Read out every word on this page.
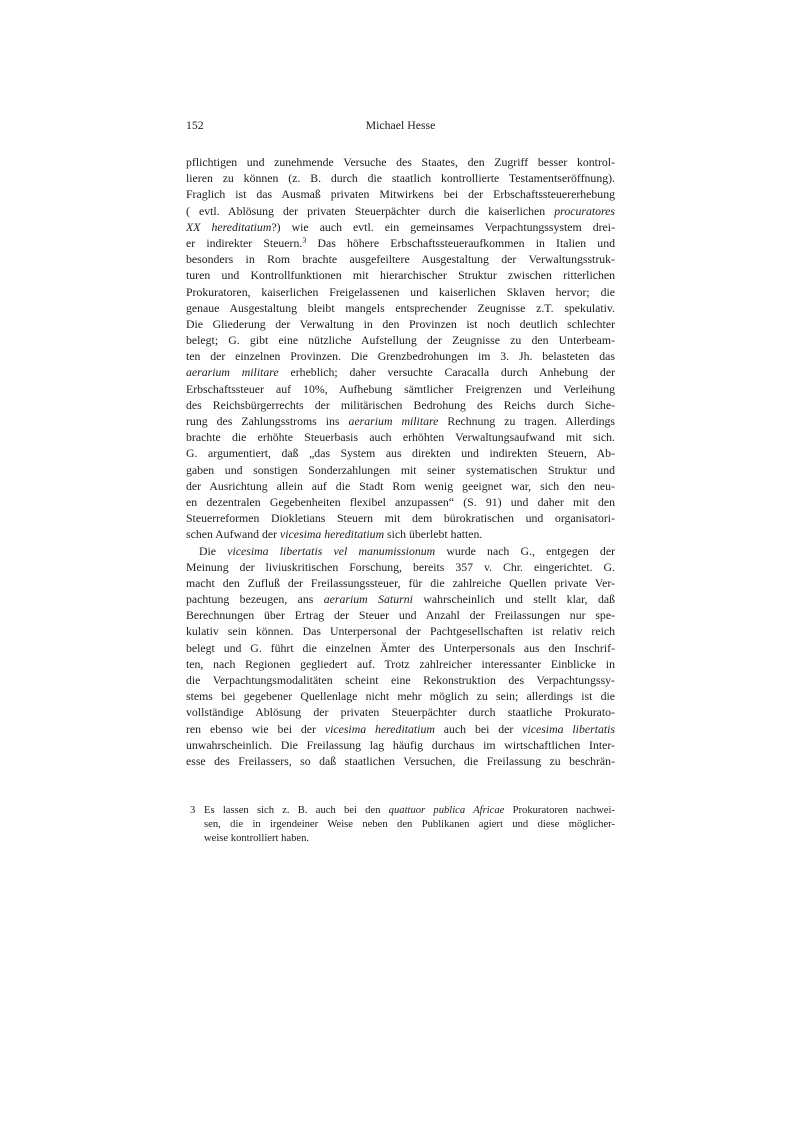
152	Michael Hesse
pflichtigen und zunehmende Versuche des Staates, den Zugriff besser kontrol-
lieren zu können (z. B. durch die staatlich kontrollierte Testamentseröffnung).
Fraglich ist das Ausmaß privaten Mitwirkens bei der Erbschaftssteuererhebung
( evtl. Ablösung der privaten Steuerpächter durch die kaiserlichen procuratores
XX hereditatium?) wie auch evtl. ein gemeinsames Verpachtungssystem drei-
er indirekter Steuern.$^3$ Das höhere Erbschaftssteueraufkommen in Italien und
besonders in Rom brachte ausgefeiltere Ausgestaltung der Verwaltungsstruk-
turen und Kontrollfunktionen mit hierarchischer Struktur zwischen ritterlichen
Prokuratoren, kaiserlichen Freigelassenen und kaiserlichen Sklaven hervor; die
genaue Ausgestaltung bleibt mangels entsprechender Zeugnisse z.T. spekulativ.
Die Gliederung der Verwaltung in den Provinzen ist noch deutlich schlechter
belegt; G. gibt eine nützliche Aufstellung der Zeugnisse zu den Unterbeam-
ten der einzelnen Provinzen. Die Grenzbedrohungen im 3. Jh. belasteten das
aerarium militare erheblich; daher versuchte Caracalla durch Anhebung der
Erbschaftssteuer auf 10%, Aufhebung sämtlicher Freigrenzen und Verleihung
des Reichsbürgerrechts der militärischen Bedrohung des Reichs durch Siche-
rung des Zahlungsstroms ins aerarium militare Rechnung zu tragen. Allerdings
brachte die erhöhte Steuerbasis auch erhöhten Verwaltungsaufwand mit sich.
G. argumentiert, daß „das System aus direkten und indirekten Steuern, Ab-
gaben und sonstigen Sonderzahlungen mit seiner systematischen Struktur und
der Ausrichtung allein auf die Stadt Rom wenig geeignet war, sich den neu-
en dezentralen Gegebenheiten flexibel anzupassen“ (S. 91) und daher mit den
Steuerreformen Diokletians Steuern mit dem bürokratischen und organisatori-
schen Aufwand der vicesima hereditatium sich überlebt hatten.
Die vicesima libertatis vel manumissionum wurde nach G., entgegen der
Meinung der liviuskritischen Forschung, bereits 357 v. Chr. eingerichtet. G.
macht den Zufluß der Freilassungssteuer, für die zahlreiche Quellen private Ver-
pachtung bezeugen, ans aerarium Saturni wahrscheinlich und stellt klar, daß
Berechnungen über Ertrag der Steuer und Anzahl der Freilassungen nur spe-
kulativ sein können. Das Unterpersonal der Pachtgesellschaften ist relativ reich
belegt und G. führt die einzelnen Ämter des Unterpersonals aus den Inschrif-
ten, nach Regionen gegliedert auf. Trotz zahlreicher interessanter Einblicke in
die Verpachtungsmodalitäten scheint eine Rekonstruktion des Verpachtungssy-
stems bei gegebener Quellenlage nicht mehr möglich zu sein; allerdings ist die
vollständige Ablösung der privaten Steuerpächter durch staatliche Prokurato-
ren ebenso wie bei der vicesima hereditatium auch bei der vicesima libertatis
unwahrscheinlich. Die Freilassung lag häufig durchaus im wirtschaftlichen Inter-
esse des Freilassers, so daß staatlichen Versuchen, die Freilassung zu beschrän-
3 Es lassen sich z. B. auch bei den quattuor publica Africae Prokuratoren nachwei-
sen, die in irgendeiner Weise neben den Publikanen agiert und diese möglicher-
weise kontrolliert haben.
